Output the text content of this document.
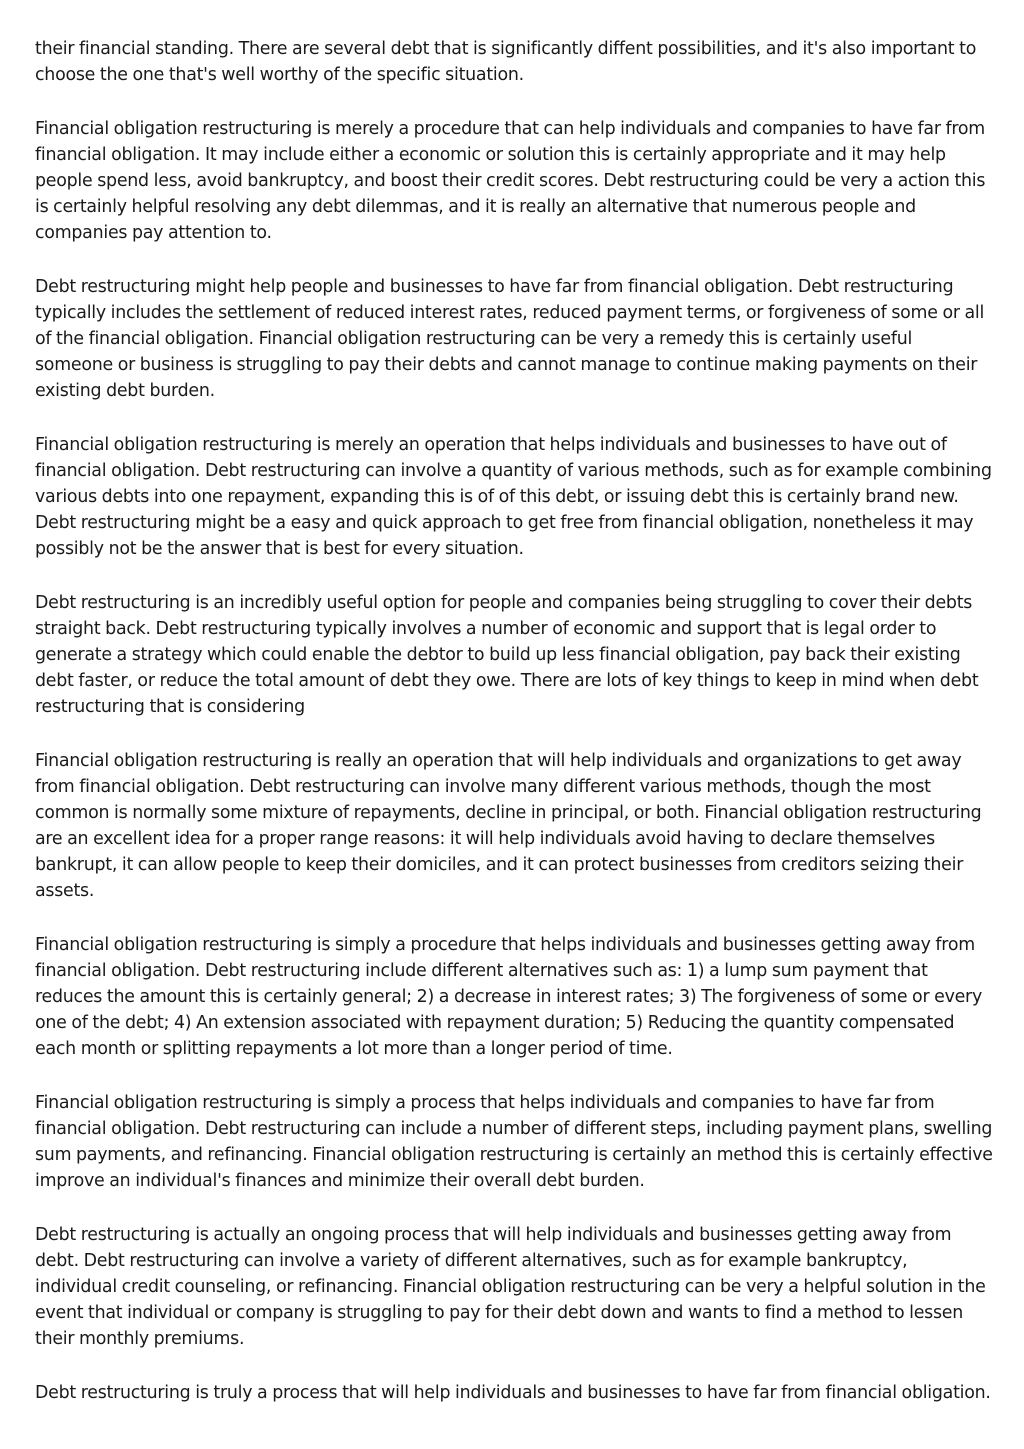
their financial standing. There are several debt that is significantly diffent possibilities, and it's also important to choose the one that's well worthy of the specific situation.

Financial obligation restructuring is merely a procedure that can help individuals and companies to have far from financial obligation. It may include either a economic or solution this is certainly appropriate and it may help people spend less, avoid bankruptcy, and boost their credit scores. Debt restructuring could be very a action this is certainly helpful resolving any debt dilemmas, and it is really an alternative that numerous people and companies pay attention to.

Debt restructuring might help people and businesses to have far from financial obligation. Debt restructuring typically includes the settlement of reduced interest rates, reduced payment terms, or forgiveness of some or all of the financial obligation. Financial obligation restructuring can be very a remedy this is certainly useful someone or business is struggling to pay their debts and cannot manage to continue making payments on their existing debt burden.

Financial obligation restructuring is merely an operation that helps individuals and businesses to have out of financial obligation. Debt restructuring can involve a quantity of various methods, such as for example combining various debts into one repayment, expanding this is of of this debt, or issuing debt this is certainly brand new. Debt restructuring might be a easy and quick approach to get free from financial obligation, nonetheless it may possibly not be the answer that is best for every situation.

Debt restructuring is an incredibly useful option for people and companies being struggling to cover their debts straight back. Debt restructuring typically involves a number of economic and support that is legal order to generate a strategy which could enable the debtor to build up less financial obligation, pay back their existing debt faster, or reduce the total amount of debt they owe. There are lots of key things to keep in mind when debt restructuring that is considering

Financial obligation restructuring is really an operation that will help individuals and organizations to get away from financial obligation. Debt restructuring can involve many different various methods, though the most common is normally some mixture of repayments, decline in principal, or both. Financial obligation restructuring are an excellent idea for a proper range reasons: it will help individuals avoid having to declare themselves bankrupt, it can allow people to keep their domiciles, and it can protect businesses from creditors seizing their assets.

Financial obligation restructuring is simply a procedure that helps individuals and businesses getting away from financial obligation. Debt restructuring include different alternatives such as: 1) a lump sum payment that reduces the amount this is certainly general; 2) a decrease in interest rates; 3) The forgiveness of some or every one of the debt; 4) An extension associated with repayment duration; 5) Reducing the quantity compensated each month or splitting repayments a lot more than a longer period of time.

Financial obligation restructuring is simply a process that helps individuals and companies to have far from financial obligation. Debt restructuring can include a number of different steps, including payment plans, swelling sum payments, and refinancing. Financial obligation restructuring is certainly an method this is certainly effective improve an individual's finances and minimize their overall debt burden.

Debt restructuring is actually an ongoing process that will help individuals and businesses getting away from debt. Debt restructuring can involve a variety of different alternatives, such as for example bankruptcy, individual credit counseling, or refinancing. Financial obligation restructuring can be very a helpful solution in the event that individual or company is struggling to pay for their debt down and wants to find a method to lessen their monthly premiums.

Debt restructuring is truly a process that will help individuals and businesses to have far from financial obligation.
